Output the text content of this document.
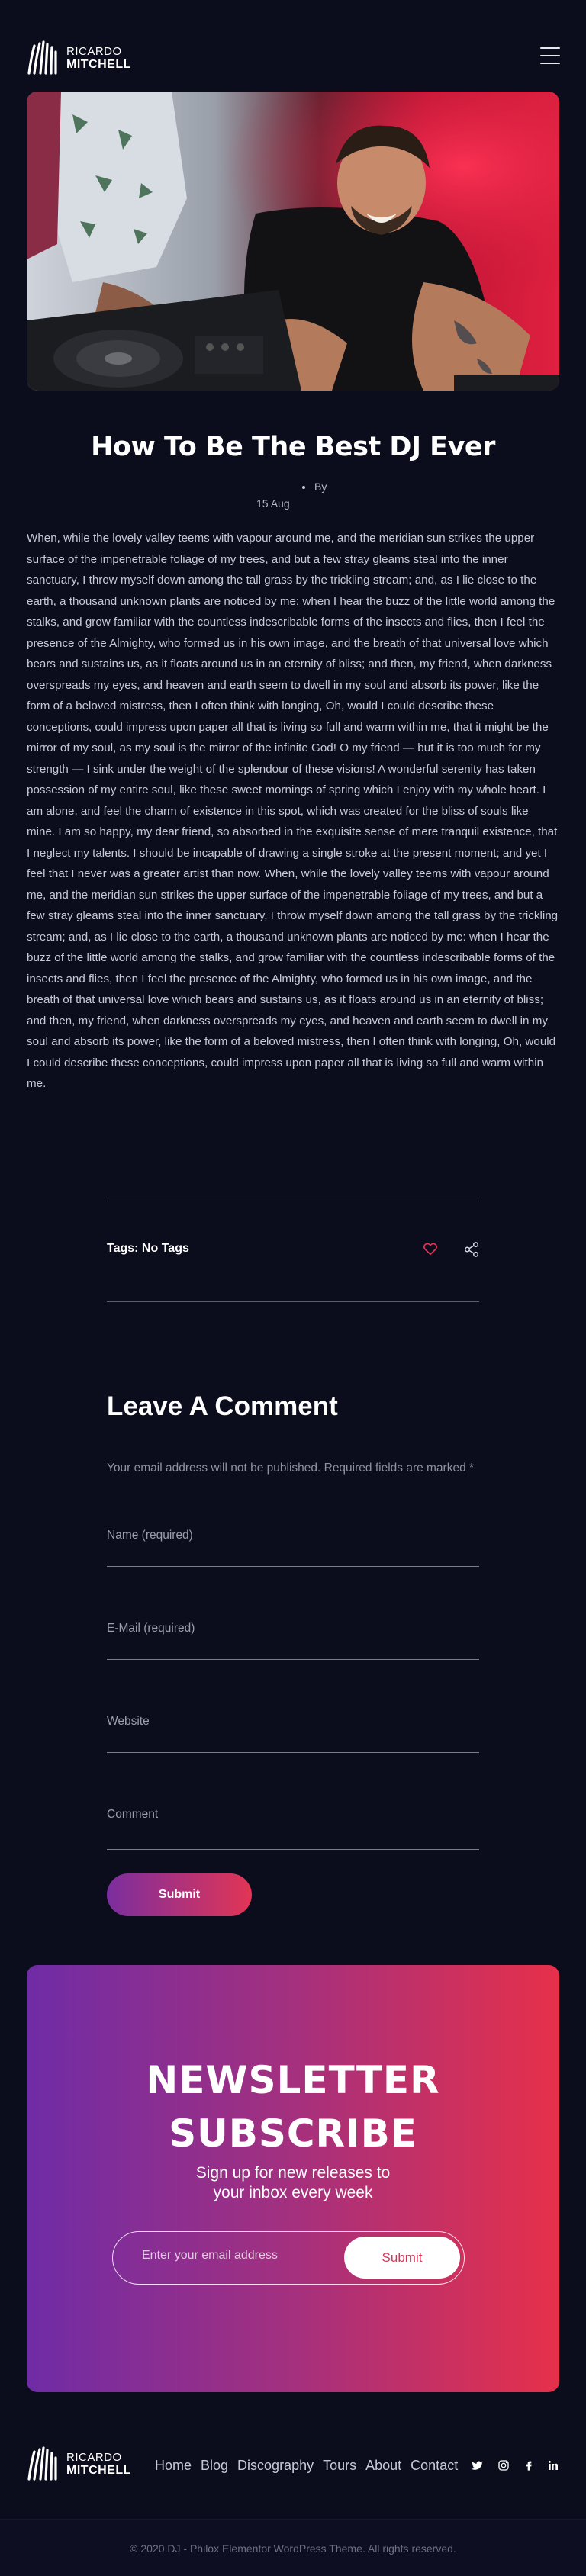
RICARDO
MITCHELL
How To Be The Best DJ Ever
By
15 Aug

When, while the lovely valley teems with vapour around me, and the meridian sun strikes the upper surface of the impenetrable foliage of my trees, and but a few stray gleams steal into the inner sanctuary, I throw myself down among the tall grass by the trickling stream; and, as I lie close to the earth, a thousand unknown plants are noticed by me: when I hear the buzz of the little world among the stalks, and grow familiar with the countless indescribable forms of the insects and flies, then I feel the presence of the Almighty, who formed us in his own image, and the breath of that universal love which bears and sustains us, as it floats around us in an eternity of bliss; and then, my friend, when darkness overspreads my eyes, and heaven and earth seem to dwell in my soul and absorb its power, like the form of a beloved mistress, then I often think with longing, Oh, would I could describe these conceptions, could impress upon paper all that is living so full and warm within me, that it might be the mirror of my soul, as my soul is the mirror of the infinite God! O my friend — but it is too much for my strength — I sink under the weight of the splendour of these visions! A wonderful serenity has taken possession of my entire soul, like these sweet mornings of spring which I enjoy with my whole heart. I am alone, and feel the charm of existence in this spot, which was created for the bliss of souls like mine. I am so happy, my dear friend, so absorbed in the exquisite sense of mere tranquil existence, that I neglect my talents. I should be incapable of drawing a single stroke at the present moment; and yet I feel that I never was a greater artist than now. When, while the lovely valley teems with vapour around me, and the meridian sun strikes the upper surface of the impenetrable foliage of my trees, and but a few stray gleams steal into the inner sanctuary, I throw myself down among the tall grass by the trickling stream; and, as I lie close to the earth, a thousand unknown plants are noticed by me: when I hear the buzz of the little world among the stalks, and grow familiar with the countless indescribable forms of the insects and flies, then I feel the presence of the Almighty, who formed us in his own image, and the breath of that universal love which bears and sustains us, as it floats around us in an eternity of bliss; and then, my friend, when darkness overspreads my eyes, and heaven and earth seem to dwell in my soul and absorb its power, like the form of a beloved mistress, then I often think with longing, Oh, would I could describe these conceptions, could impress upon paper all that is living so full and warm within me.

Tags: No Tags
Leave A Comment

Your email address will not be published. Required fields are marked *

Name (required)
E-Mail (required)
Website
Comment
Submit
NEWSLETTER
SUBSCRIBE
Sign up for new releases to
your inbox every week
Enter your email address
Submit
RICARDO
MITCHELL Home Blog Discography Tours About Contact

© 2020 DJ - Philox Elementor WordPress Theme. All rights reserved.
